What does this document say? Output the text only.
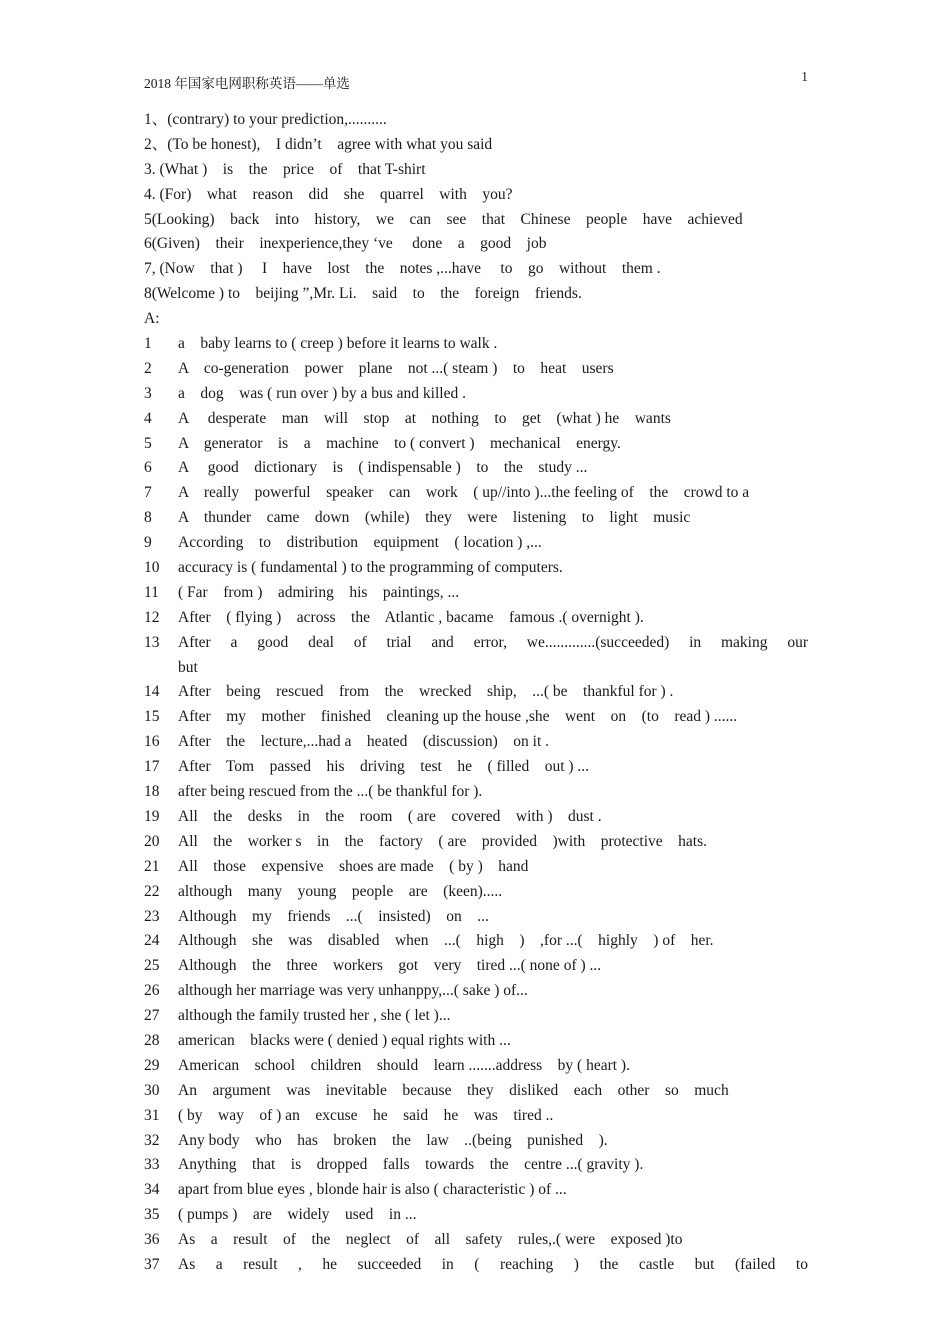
2018 年国家电网职称英语——单选	1
1、(contrary) to your prediction,..........
2、(To be honest),    I didn’t    agree with what you said
3. (What )    is    the    price    of    that T-shirt
4. (For)    what    reason    did    she    quarrel    with    you?
5(Looking)    back    into    history,    we    can    see    that    Chinese    people    have    achieved
6(Given)    their    inexperience,they ‘ve     done    a    good    job
7, (Now    that )     I    have    lost    the    notes ,...have     to    go    without    them .
8(Welcome ) to    beijing ”,Mr. Li.    said    to    the    foreign    friends.
A:
1	a    baby learns to ( creep ) before it learns to walk .
2	A    co-generation    power    plane    not ...( steam )    to    heat    users
3	a    dog    was ( run over ) by a bus and killed .
4	A     desperate    man    will    stop    at    nothing    to    get    (what ) he    wants
5	A    generator    is    a    machine    to ( convert )    mechanical    energy.
6	A     good    dictionary    is    ( indispensable )    to    the    study ...
7	A    really    powerful    speaker    can    work    ( up//into )...the feeling of    the    crowd to a
8	A    thunder    came    down    (while)    they    were    listening    to    light    music
9	According    to    distribution    equipment    ( location ) ,...
10	accuracy is ( fundamental ) to the programming of computers.
11	( Far    from )    admiring    his    paintings, ...
12	After    ( flying )    across    the    Atlantic , bacame    famous .( overnight ).
13	After a good deal of trial and error, we.............(succeeded) in making our
but
14	After    being    rescued    from    the    wrecked    ship,    ...( be    thankful for ) .
15	After    my    mother    finished    cleaning up the house ,she    went    on    (to    read ) ......
16	After    the    lecture,...had a    heated    (discussion)    on it .
17	After    Tom    passed    his    driving    test    he    ( filled    out ) ...
18	after being rescued from the ...( be thankful for ).
19	All    the    desks    in    the    room    ( are    covered    with )    dust .
20	All    the    worker s    in    the    factory    ( are    provided    )with    protective    hats.
21	All    those    expensive    shoes are made    ( by )    hand
22	although    many    young    people    are    (keen).....
23	Although    my    friends    ...(    insisted)    on    ...
24	Although    she    was    disabled    when    ...(    high    )    ,for ...(    highly    ) of    her.
25	Although    the    three    workers    got    very    tired ...( none of ) ...
26	although her marriage was very unhanppy,...( sake ) of...
27	although the family trusted her , she ( let )...
28	american    blacks were ( denied ) equal rights with ...
29	American    school    children    should    learn .......address    by ( heart ).
30	An    argument    was    inevitable    because    they    disliked    each    other    so    much
31	( by    way    of ) an    excuse    he    said    he    was    tired ..
32	Any body    who    has    broken    the    law    ..(being    punished    ).
33	Anything    that    is    dropped    falls    towards    the    centre ...( gravity ).
34	apart from blue eyes , blonde hair is also ( characteristic ) of ...
35	( pumps )    are    widely    used    in ...
36	As    a    result    of    the    neglect    of    all    safety    rules,.( were    exposed )to
37	As a result , he succeeded in ( reaching ) the castle but (failed to
